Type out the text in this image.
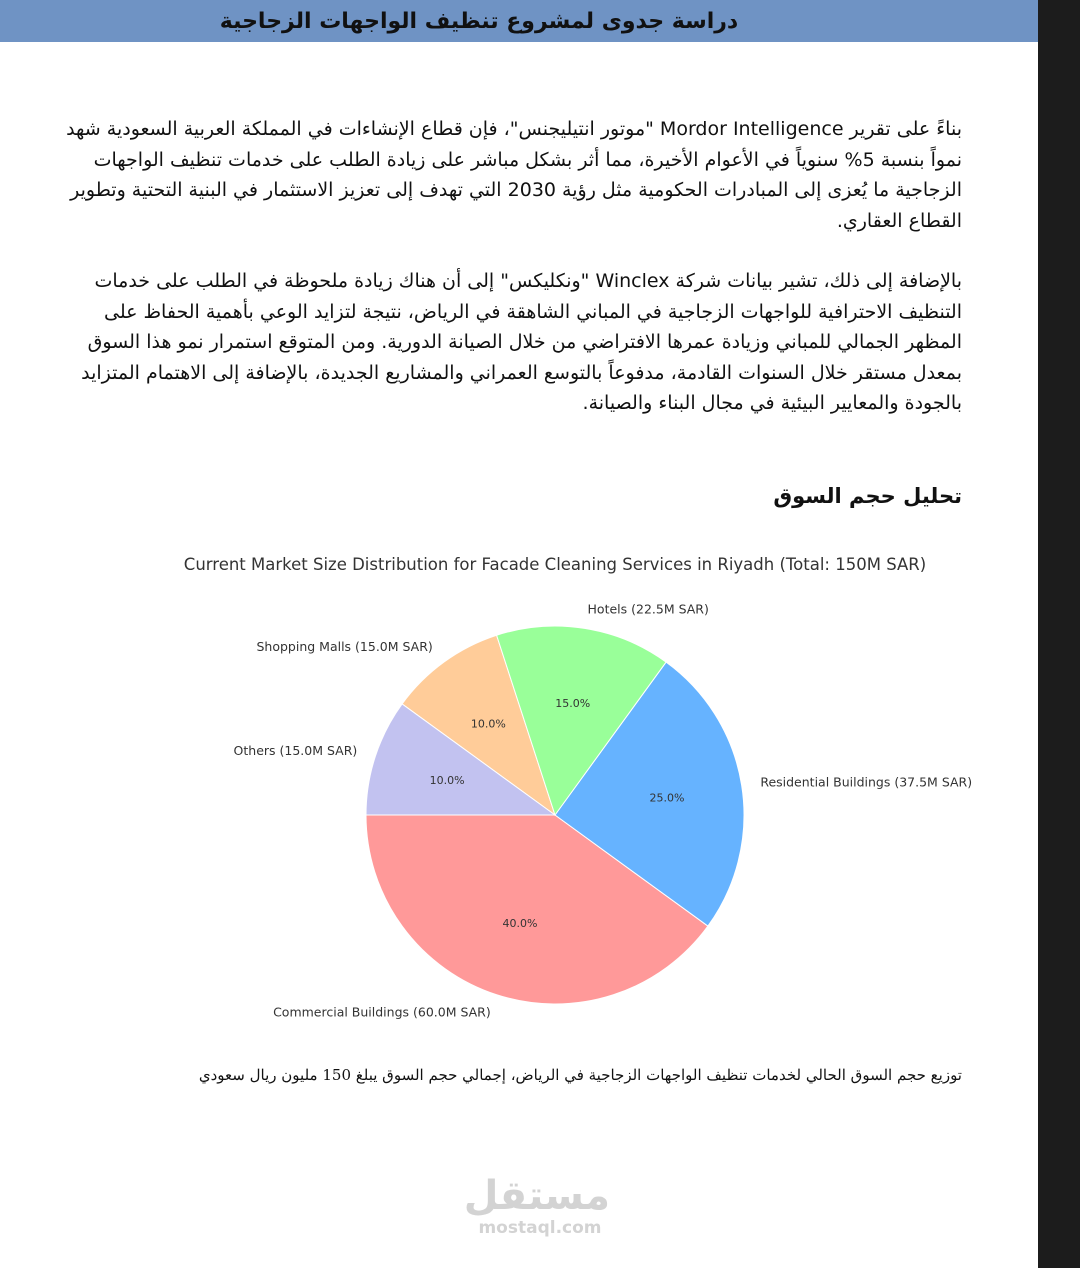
دراسة جدوى لمشروع تنظيف الواجهات الزجاجية
بناءً على تقرير Mordor Intelligence "موتور انتيليجنس"، فإن قطاع الإنشاءات في المملكة العربية السعودية شهد نمواً بنسبة 5% سنوياً في الأعوام الأخيرة، مما أثر بشكل مباشر على زيادة الطلب على خدمات تنظيف الواجهات الزجاجية ما يُعزى إلى المبادرات الحكومية مثل رؤية 2030 التي تهدف إلى تعزيز الاستثمار في البنية التحتية وتطوير القطاع العقاري.
بالإضافة إلى ذلك، تشير بيانات شركة Winclex "ونكليكس" إلى أن هناك زيادة ملحوظة في الطلب على خدمات التنظيف الاحترافية للواجهات الزجاجية في المباني الشاهقة في الرياض، نتيجة لتزايد الوعي بأهمية الحفاظ على المظهر الجمالي للمباني وزيادة عمرها الافتراضي من خلال الصيانة الدورية. ومن المتوقع استمرار نمو هذا السوق بمعدل مستقر خلال السنوات القادمة، مدفوعاً بالتوسع العمراني والمشاريع الجديدة، بالإضافة إلى الاهتمام المتزايد بالجودة والمعايير البيئية في مجال البناء والصيانة.
تحليل حجم السوق
Current Market Size Distribution for Facade Cleaning Services in Riyadh (Total: 150M SAR)
10.0%
Shopping Malls (15.0M SAR)
10.0%
Others (15.0M SAR)
40.0%
Commercial Buildings (60.0M SAR)
25.0%
Residential Buildings (37.5M SAR)
15.0%
Hotels (22.5M SAR)
توزيع حجم السوق الحالي لخدمات تنظيف الواجهات الزجاجية في الرياض، إجمالي حجم السوق يبلغ 150 مليون ريال سعودي
مستقل
mostaql.com
